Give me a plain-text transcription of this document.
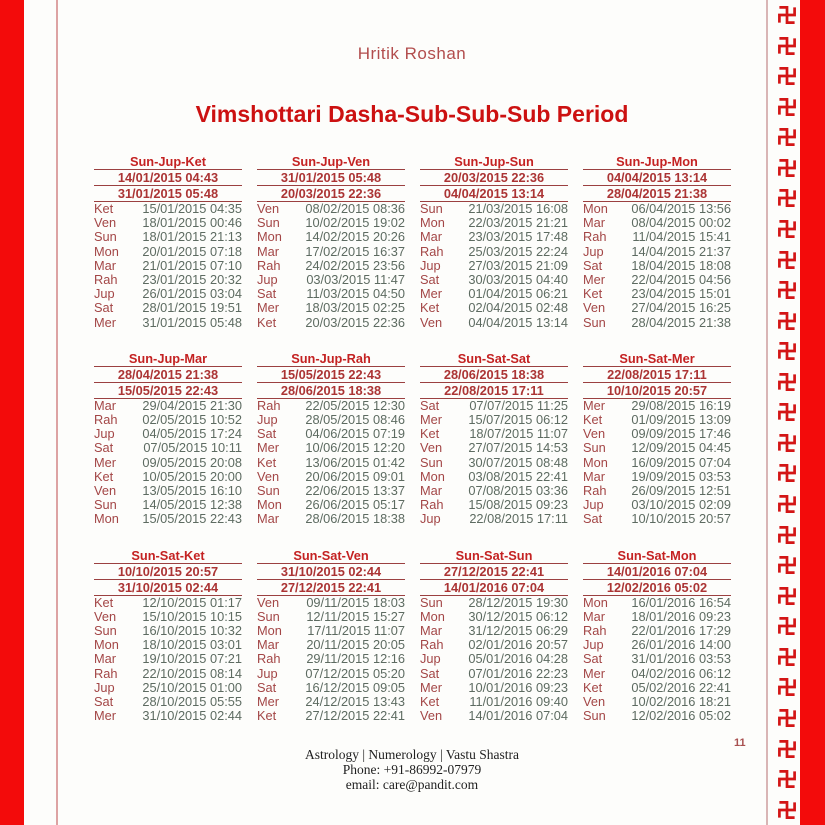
Hritik Roshan
Vimshottari Dasha-Sub-Sub-Sub Period
Sun-Jup-Ket
14/01/2015 04:43
31/01/2015 05:48
Ket 15/01/2015 04:35
Ven 18/01/2015 00:46
Sun 18/01/2015 21:13
Mon 20/01/2015 07:18
Mar 21/01/2015 07:10
Rah 23/01/2015 20:32
Jup 26/01/2015 03:04
Sat 28/01/2015 19:51
Mer 31/01/2015 05:48
Sun-Jup-Ven
31/01/2015 05:48
20/03/2015 22:36
Ven 08/02/2015 08:36
Sun 10/02/2015 19:02
Mon 14/02/2015 20:26
Mar 17/02/2015 16:37
Rah 24/02/2015 23:56
Jup 03/03/2015 11:47
Sat 11/03/2015 04:50
Mer 18/03/2015 02:25
Ket 20/03/2015 22:36
Sun-Jup-Sun
20/03/2015 22:36
04/04/2015 13:14
Sun 21/03/2015 16:08
Mon 22/03/2015 21:21
Mar 23/03/2015 17:48
Rah 25/03/2015 22:24
Jup 27/03/2015 21:09
Sat 30/03/2015 04:40
Mer 01/04/2015 06:21
Ket 02/04/2015 02:48
Ven 04/04/2015 13:14
Sun-Jup-Mon
04/04/2015 13:14
28/04/2015 21:38
Mon 06/04/2015 13:56
Mar 08/04/2015 00:02
Rah 11/04/2015 15:41
Jup 14/04/2015 21:37
Sat 18/04/2015 18:08
Mer 22/04/2015 04:56
Ket 23/04/2015 15:01
Ven 27/04/2015 16:25
Sun 28/04/2015 21:38
Sun-Jup-Mar
28/04/2015 21:38
15/05/2015 22:43
Mar 29/04/2015 21:30
Rah 02/05/2015 10:52
Jup 04/05/2015 17:24
Sat 07/05/2015 10:11
Mer 09/05/2015 20:08
Ket 10/05/2015 20:00
Ven 13/05/2015 16:10
Sun 14/05/2015 12:38
Mon 15/05/2015 22:43
Sun-Jup-Rah
15/05/2015 22:43
28/06/2015 18:38
Rah 22/05/2015 12:30
Jup 28/05/2015 08:46
Sat 04/06/2015 07:19
Mer 10/06/2015 12:20
Ket 13/06/2015 01:42
Ven 20/06/2015 09:01
Sun 22/06/2015 13:37
Mon 26/06/2015 05:17
Mar 28/06/2015 18:38
Sun-Sat-Sat
28/06/2015 18:38
22/08/2015 17:11
Sat 07/07/2015 11:25
Mer 15/07/2015 06:12
Ket 18/07/2015 11:07
Ven 27/07/2015 14:53
Sun 30/07/2015 08:48
Mon 03/08/2015 22:41
Mar 07/08/2015 03:36
Rah 15/08/2015 09:23
Jup 22/08/2015 17:11
Sun-Sat-Mer
22/08/2015 17:11
10/10/2015 20:57
Mer 29/08/2015 16:19
Ket 01/09/2015 13:09
Ven 09/09/2015 17:46
Sun 12/09/2015 04:45
Mon 16/09/2015 07:04
Mar 19/09/2015 03:53
Rah 26/09/2015 12:51
Jup 03/10/2015 02:09
Sat 10/10/2015 20:57
Sun-Sat-Ket
10/10/2015 20:57
31/10/2015 02:44
Ket 12/10/2015 01:17
Ven 15/10/2015 10:15
Sun 16/10/2015 10:32
Mon 18/10/2015 03:01
Mar 19/10/2015 07:21
Rah 22/10/2015 08:14
Jup 25/10/2015 01:00
Sat 28/10/2015 05:55
Mer 31/10/2015 02:44
Sun-Sat-Ven
31/10/2015 02:44
27/12/2015 22:41
Ven 09/11/2015 18:03
Sun 12/11/2015 15:27
Mon 17/11/2015 11:07
Mar 20/11/2015 20:05
Rah 29/11/2015 12:16
Jup 07/12/2015 05:20
Sat 16/12/2015 09:05
Mer 24/12/2015 13:43
Ket 27/12/2015 22:41
Sun-Sat-Sun
27/12/2015 22:41
14/01/2016 07:04
Sun 28/12/2015 19:30
Mon 30/12/2015 06:12
Mar 31/12/2015 06:29
Rah 02/01/2016 20:57
Jup 05/01/2016 04:28
Sat 07/01/2016 22:23
Mer 10/01/2016 09:23
Ket 11/01/2016 09:40
Ven 14/01/2016 07:04
Sun-Sat-Mon
14/01/2016 07:04
12/02/2016 05:02
Mon 16/01/2016 16:54
Mar 18/01/2016 09:23
Rah 22/01/2016 17:29
Jup 26/01/2016 14:00
Sat 31/01/2016 03:53
Mer 04/02/2016 06:12
Ket 05/02/2016 22:41
Ven 10/02/2016 18:21
Sun 12/02/2016 05:02
11
Astrology | Numerology | Vastu Shastra
Phone: +91-86992-07979
email: care@pandit.com
